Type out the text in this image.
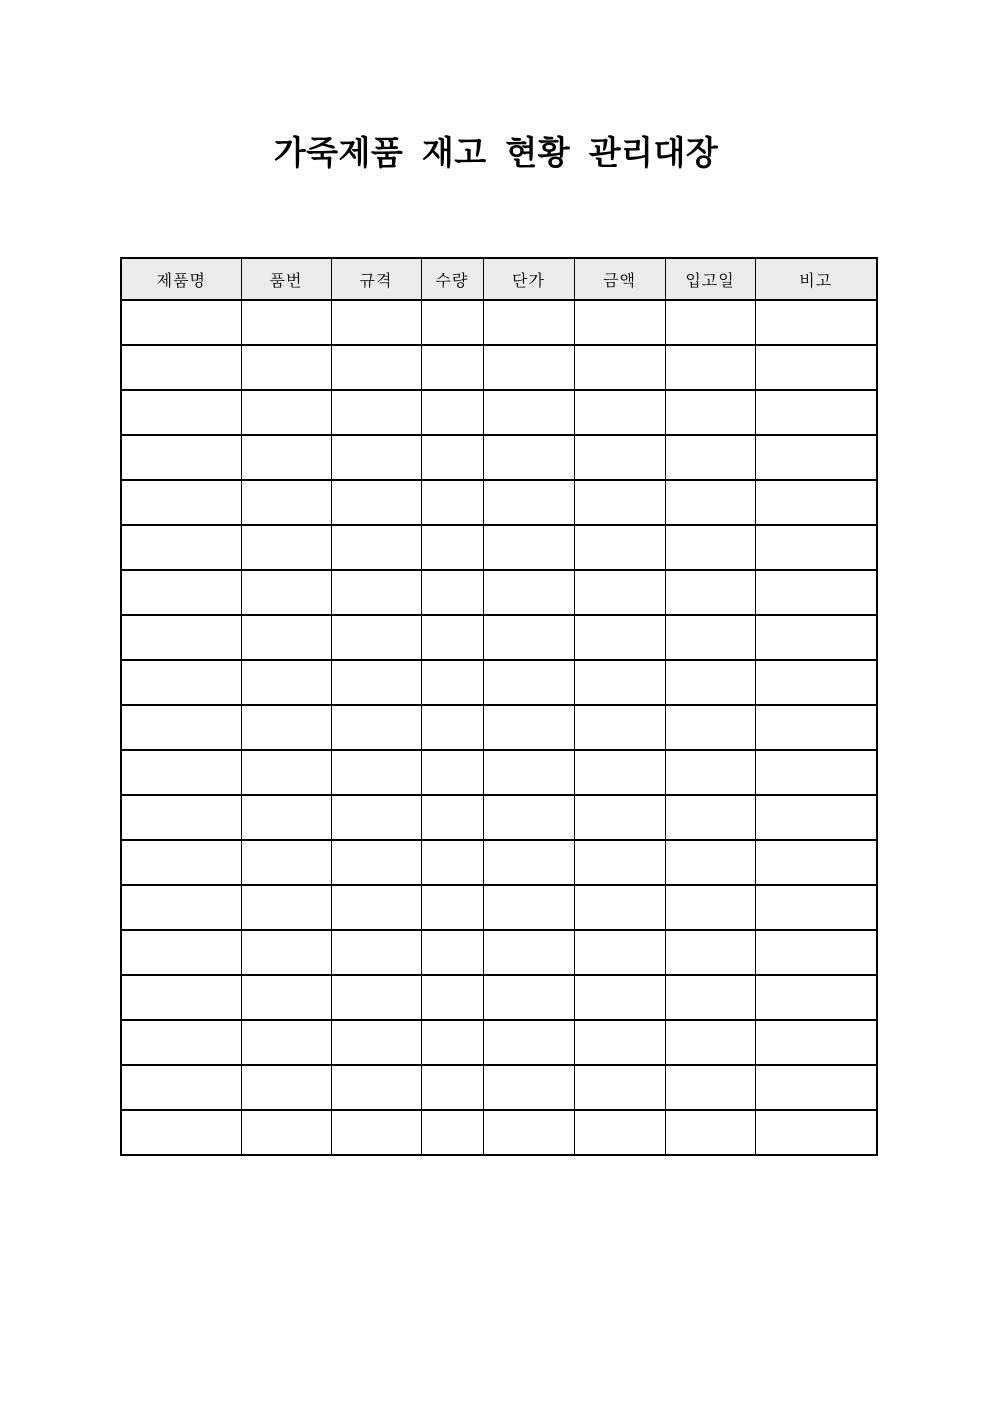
가죽제품 재고 현황 관리대장
제품명	품번	규격	수량	단가	금액	입고일	비고
